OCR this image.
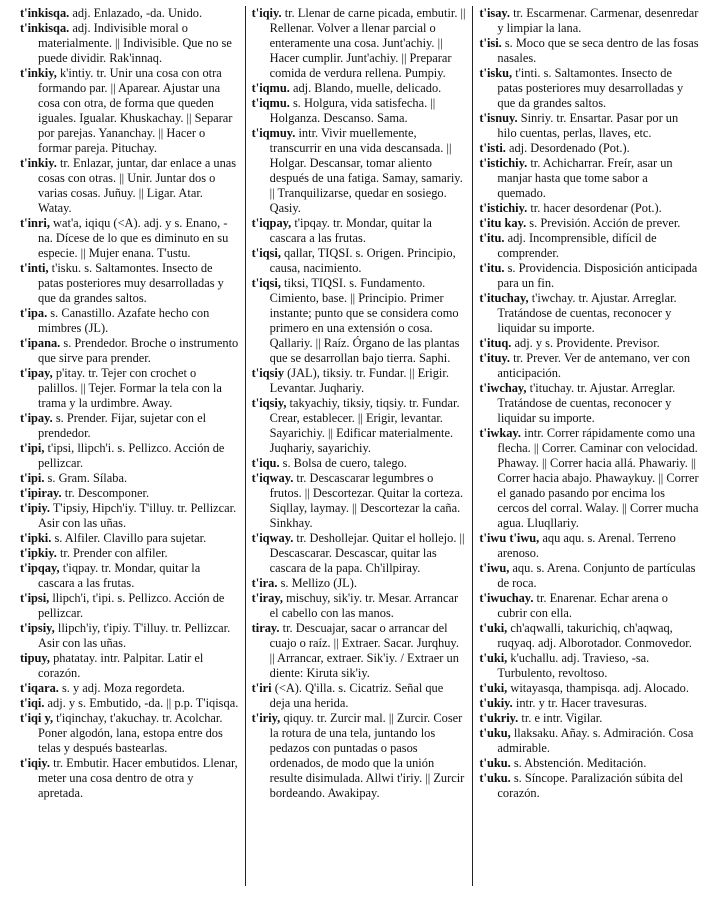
t'inkisqa. adj. Enlazado, -da. Unido.

t'inkisqa. adj. Indivisible moral o materialmente. || Indivisible. Que no se puede dividir. Rak'innaq.

t'inkiy, k'intiy. tr. Unir una cosa con otra formando par. || Aparear. Ajustar una cosa con otra, de forma que queden iguales. Igualar. Khuskachay. || Separar por parejas. Yananchay. || Hacer o formar pareja. Pituchay.

t'inkiy. tr. Enlazar, juntar, dar enlace a unas cosas con otras. || Unir. Juntar dos o varias cosas. Juñuy. || Ligar. Atar. Watay.

t'inri, wat'a, iqiqu (<A). adj. y s. Enano, -na. Dícese de lo que es diminuto en su especie. || Mujer enana. T'ustu.

t'inti, t'isku. s. Saltamontes. Insecto de patas posteriores muy desarrolladas y que da grandes saltos.

t'ipa. s. Canastillo. Azafate hecho con mimbres (JL).

t'ipana. s. Prendedor. Broche o instrumento que sirve para prender.

t'ipay, p'itay. tr. Tejer con crochet o palillos. || Tejer. Formar la tela con la trama y la urdimbre. Away.

t'ipay. s. Prender. Fijar, sujetar con el prendedor.

t'ipi, t'ipsi, llipch'i. s. Pellizco. Acción de pellizcar.

t'ipi. s. Gram. Sílaba.

t'ipiray. tr. Descomponer.

t'ipiy. T'ipsiy, Hipch'iy. T'illuy. tr. Pellizcar. Asir con las uñas.

t'ipki. s. Alfiler. Clavillo para sujetar.

t'ipkiy. tr. Prender con alfiler.

t'ipqay, t'iqpay. tr. Mondar, quitar la cascara a las frutas.

t'ipsi, llipch'i, t'ipi. s. Pellizco. Acción de pellizcar.

t'ipsiy, llipch'iy, t'ipiy. T'illuy. tr. Pellizcar. Asir con las uñas.

tipuy, phatatay. intr. Palpitar. Latir el corazón.

t'iqara. s. y adj. Moza regordeta.

t'iqi. adj. y s. Embutido, -da. || p.p. T'iqisqa.

t'iqi y, t'iqinchay, t'akuchay. tr. Acolchar. Poner algodón, lana, estopa entre dos telas y después bastearlas.

t'iqiy. tr. Embutir. Hacer embutidos. Llenar, meter una cosa dentro de otra y apretada.

t'iqiy. tr. Llenar de carne picada, embutir. || Rellenar. Volver a llenar parcial o enteramente una cosa. Junt'achiy. || Hacer cumplir. Junt'achiy. || Preparar comida de verdura rellena. Pumpiy.

t'iqmu. adj. Blando, muelle, delicado.

t'iqmu. s. Holgura, vida satisfecha. || Holganza. Descanso. Sama.

t'iqmuy. intr. Vivir muellemente, transcurrir en una vida descansada. || Holgar. Descansar, tomar aliento después de una fatiga. Samay, samariy. || Tranquilizarse, quedar en sosiego. Qasiy.

t'iqpay, t'ipqay. tr. Mondar, quitar la cascara a las frutas.

t'iqsi, qallar, TIQSI. s. Origen. Principio, causa, nacimiento.

t'iqsi, tiksi, TIQSI. s. Fundamento. Cimiento, base. || Principio. Primer instante; punto que se considera como primero en una extensión o cosa. Qallariy. || Raíz. Órgano de las plantas que se desarrollan bajo tierra. Saphi.

t'iqsiy (JAL), tiksiy. tr. Fundar. || Erigir. Levantar. Juqhariy.

t'iqsiy, takyachiy, tiksiy, tiqsiy. tr. Fundar. Crear, establecer. || Erigir, levantar. Sayarichiy. || Edificar materialmente. Juqhariy, sayarichiy.

t'iqu. s. Bolsa de cuero, talego.

t'iqway. tr. Descascarar legumbres o frutos. || Descortezar. Quitar la corteza. Siqllay, laymay. || Descortezar la caña. Sinkhay.

t'iqway. tr. Deshollejar. Quitar el hollejo. || Descascarar. Descascar, quitar las cascara de la papa. Ch'illpiray.

t'ira. s. Mellizo (JL).

t'iray, mischuy, sik'iy. tr. Mesar. Arrancar el cabello con las manos.

tiray. tr. Descuajar, sacar o arrancar del cuajo o raíz. || Extraer. Sacar. Jurqhuy. || Arrancar, extraer. Sik'iy. / Extraer un diente: Kiruta sik'iy.

t'iri (<A). Q'illa. s. Cicatriz. Señal que deja una herida.

t'iriy, qiquy. tr. Zurcir mal. || Zurcir. Coser la rotura de una tela, juntando los pedazos con puntadas o pasos ordenados, de modo que la unión resulte disimulada. Allwi t'iriy. || Zurcir bordeando. Awakipay.

t'isay. tr. Escarmenar. Carmenar, desenredar y limpiar la lana.

t'isi. s. Moco que se seca dentro de las fosas nasales.

t'isku, t'inti. s. Saltamontes. Insecto de patas posteriores muy desarrolladas y que da grandes saltos.

t'isnuy. Sinriy. tr. Ensartar. Pasar por un hilo cuentas, perlas, llaves, etc.

t'isti. adj. Desordenado (Pot.).

t'istichiy. tr. Achicharrar. Freír, asar un manjar hasta que tome sabor a quemado.

t'istichiy. tr. hacer desordenar (Pot.).

t'itu kay. s. Previsión. Acción de prever.

t'itu. adj. Incomprensible, difícil de comprender.

t'itu. s. Providencia. Disposición anticipada para un fin.

t'ituchay, t'iwchay. tr. Ajustar. Arreglar. Tratándose de cuentas, reconocer y liquidar su importe.

t'ituq. adj. y s. Providente. Previsor.

t'ituy. tr. Prever. Ver de antemano, ver con anticipación.

t'iwchay, t'ituchay. tr. Ajustar. Arreglar. Tratándose de cuentas, reconocer y liquidar su importe.

t'iwkay. intr. Correr rápidamente como una flecha. || Correr. Caminar con velocidad. Phaway. || Correr hacia allá. Phawariy. || Correr hacia abajo. Phawaykuy. || Correr el ganado pasando por encima los cercos del corral. Walay. || Correr mucha agua. Lluqllariy.

t'iwu t'iwu, aqu aqu. s. Arenal. Terreno arenoso.

t'iwu, aqu. s. Arena. Conjunto de partículas de roca.

t'iwuchay. tr. Enarenar. Echar arena o cubrir con ella.

t'uki, ch'aqwalli, takurichiq, ch'aqwaq, ruqyaq. adj. Alborotador. Conmovedor.

t'uki, k'uchallu. adj. Travieso, -sa. Turbulento, revoltoso.

t'uki, witayasqa, thampisqa. adj. Alocado.

t'ukiy. intr. y tr. Hacer travesuras.

t'ukriy. tr. e intr. Vigilar.

t'uku, llaksaku. Añay. s. Admiración. Cosa admirable.

t'uku. s. Abstención. Meditación.

t'uku. s. Síncope. Paralización súbita del corazón.
